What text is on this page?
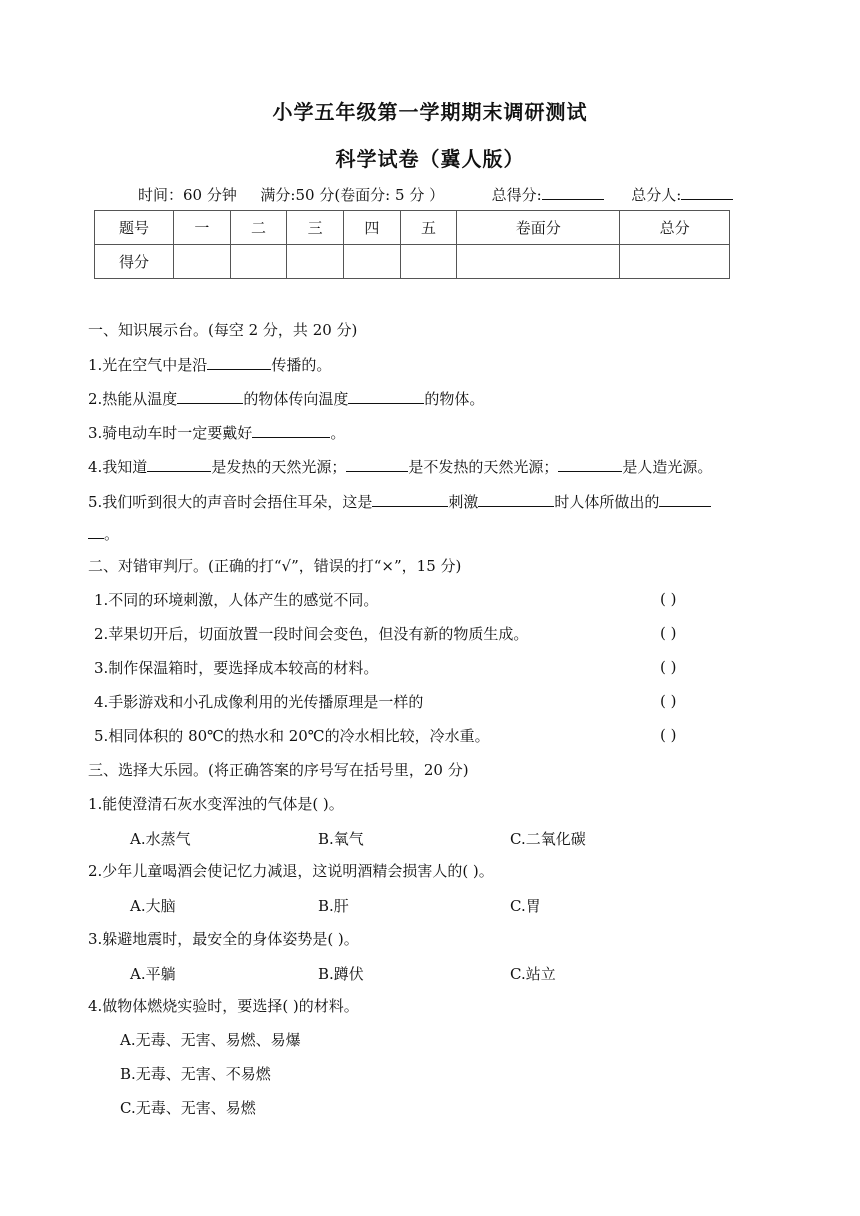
小学五年级第一学期期末调研测试
科学试卷（冀人版）
时间：60 分钟 满分:50 分(卷面分: 5 分 ）	总得分:	总分人:
题号	一	二	三	四	五	卷面分	总分
得分							
一、知识展示台。(每空 2 分，共 20 分)
1.光在空气中是沿	传播的。
2.热能从温度	的物体传向温度	的物体。
3.骑电动车时一定要戴好	。
4.我知道	是发热的天然光源；	是不发热的天然光源；	是人造光源。
5.我们听到很大的声音时会捂住耳朵，这是	刺激	时人体所做出的
。
二、对错审判厅。(正确的打“√”，错误的打“×”，15 分)
1.不同的环境刺激，人体产生的感觉不同。	( )
2.苹果切开后，切面放置一段时间会变色，但没有新的物质生成。	( )
3.制作保温箱时，要选择成本较高的材料。	( )
4.手影游戏和小孔成像利用的光传播原理是一样的	( )
5.相同体积的 80℃的热水和 20℃的冷水相比较，冷水重。	( )
三、选择大乐园。(将正确答案的序号写在括号里，20 分)
1.能使澄清石灰水变浑浊的气体是( )。
A.水蒸气	B.氧气	C.二氧化碳
2.少年儿童喝酒会使记忆力减退，这说明酒精会损害人的( )。
A.大脑	B.肝	C.胃
3.躲避地震时，最安全的身体姿势是( )。
A.平躺	B.蹲伏	C.站立
4.做物体燃烧实验时，要选择( )的材料。
A.无毒、无害、易燃、易爆
B.无毒、无害、不易燃
C.无毒、无害、易燃
